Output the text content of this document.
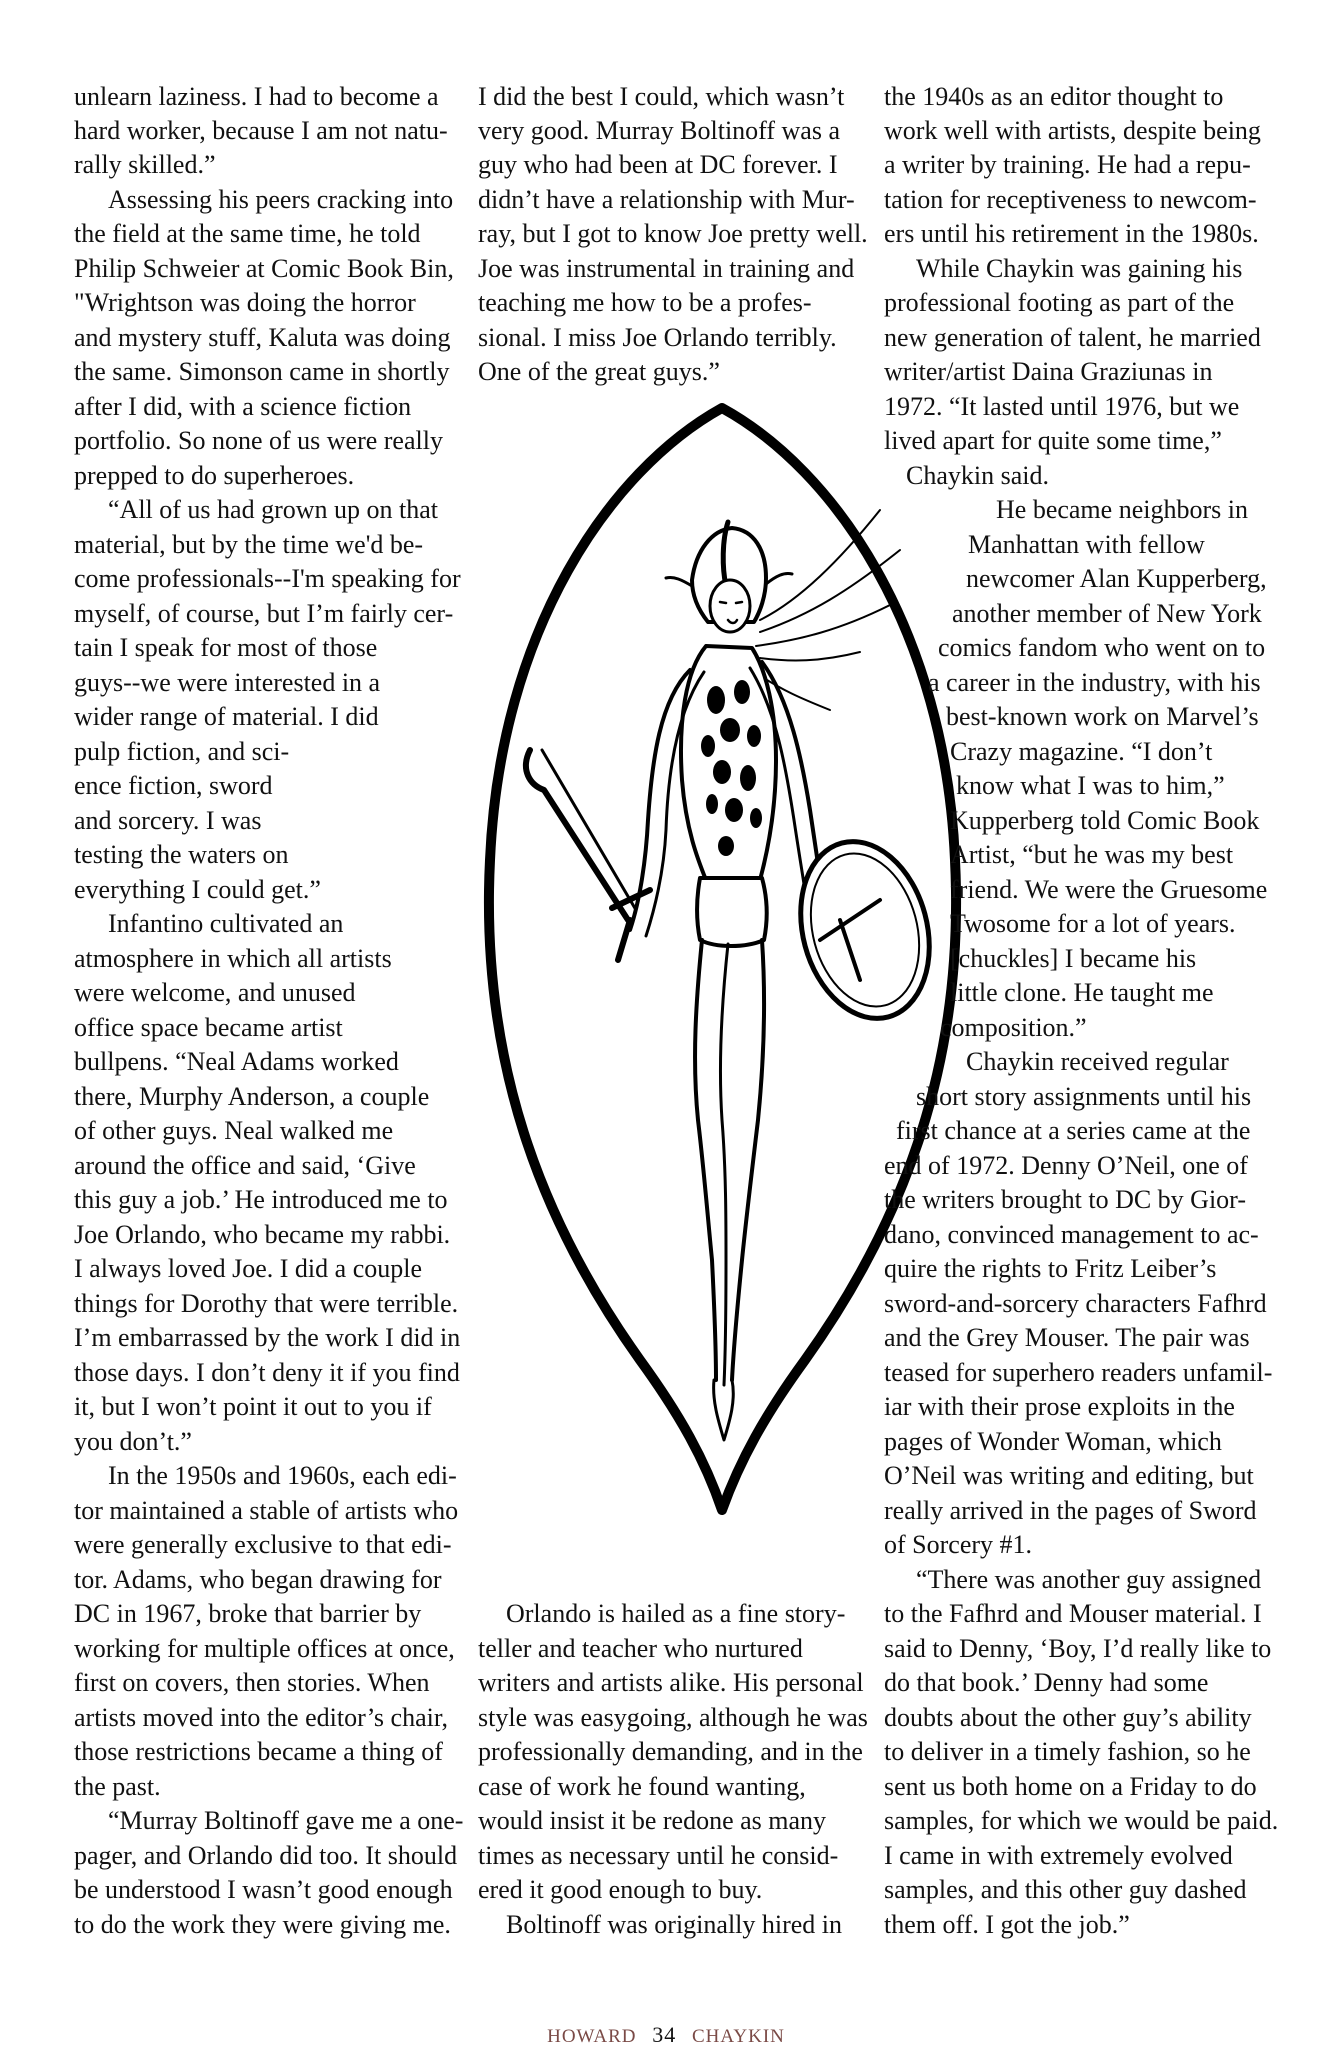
unlearn laziness. I had to become a
hard worker, because I am not natu-
rally skilled.”
Assessing his peers cracking into
the field at the same time, he told
Philip Schweier at Comic Book Bin,
"Wrightson was doing the horror
and mystery stuff, Kaluta was doing
the same. Simonson came in shortly
after I did, with a science fiction
portfolio. So none of us were really
prepped to do superheroes.
“All of us had grown up on that
material, but by the time we'd be-
come professionals--I'm speaking for
myself, of course, but I’m fairly cer-
tain I speak for most of those
guys--we were interested in a
wider range of material. I did
pulp fiction, and sci-
ence fiction, sword
and sorcery. I was
testing the waters on
everything I could get.”
Infantino cultivated an
atmosphere in which all artists
were welcome, and unused
office space became artist
bullpens. “Neal Adams worked
there, Murphy Anderson, a couple
of other guys. Neal walked me
around the office and said, ‘Give
this guy a job.’ He introduced me to
Joe Orlando, who became my rabbi.
I always loved Joe. I did a couple
things for Dorothy that were terrible.
I’m embarrassed by the work I did in
those days. I don’t deny it if you find
it, but I won’t point it out to you if
you don’t.”
In the 1950s and 1960s, each edi-
tor maintained a stable of artists who
were generally exclusive to that edi-
tor. Adams, who began drawing for
DC in 1967, broke that barrier by
working for multiple offices at once,
first on covers, then stories. When
artists moved into the editor’s chair,
those restrictions became a thing of
the past.
“Murray Boltinoff gave me a one-
pager, and Orlando did too. It should
be understood I wasn’t good enough
to do the work they were giving me.
I did the best I could, which wasn’t
very good. Murray Boltinoff was a
guy who had been at DC forever. I
didn’t have a relationship with Mur-
ray, but I got to know Joe pretty well.
Joe was instrumental in training and
teaching me how to be a profes-
sional. I miss Joe Orlando terribly.
One of the great guys.”
Orlando is hailed as a fine story-
teller and teacher who nurtured
writers and artists alike. His personal
style was easygoing, although he was
professionally demanding, and in the
case of work he found wanting,
would insist it be redone as many
times as necessary until he consid-
ered it good enough to buy.
Boltinoff was originally hired in
the 1940s as an editor thought to
work well with artists, despite being
a writer by training. He had a repu-
tation for receptiveness to newcom-
ers until his retirement in the 1980s.
While Chaykin was gaining his
professional footing as part of the
new generation of talent, he married
writer/artist Daina Graziunas in
1972. “It lasted until 1976, but we
lived apart for quite some time,”
Chaykin said.
He became neighbors in
Manhattan with fellow
newcomer Alan Kupperberg,
another member of New York
comics fandom who went on to
a career in the industry, with his
best-known work on Marvel’s
Crazy magazine. “I don’t
know what I was to him,”
Kupperberg told Comic Book
Artist, “but he was my best
friend. We were the Gruesome
Twosome for a lot of years.
[chuckles] I became his
little clone. He taught me
composition.”
Chaykin received regular
short story assignments until his
first chance at a series came at the
end of 1972. Denny O’Neil, one of
the writers brought to DC by Gior-
dano, convinced management to ac-
quire the rights to Fritz Leiber’s
sword-and-sorcery characters Fafhrd
and the Grey Mouser. The pair was
teased for superhero readers unfamil-
iar with their prose exploits in the
pages of Wonder Woman, which
O’Neil was writing and editing, but
really arrived in the pages of Sword
of Sorcery #1.
“There was another guy assigned
to the Fafhrd and Mouser material. I
said to Denny, ‘Boy, I’d really like to
do that book.’ Denny had some
doubts about the other guy’s ability
to deliver in a timely fashion, so he
sent us both home on a Friday to do
samples, for which we would be paid.
I came in with extremely evolved
samples, and this other guy dashed
them off. I got the job.”
HOWARD 34 CHAYKIN
